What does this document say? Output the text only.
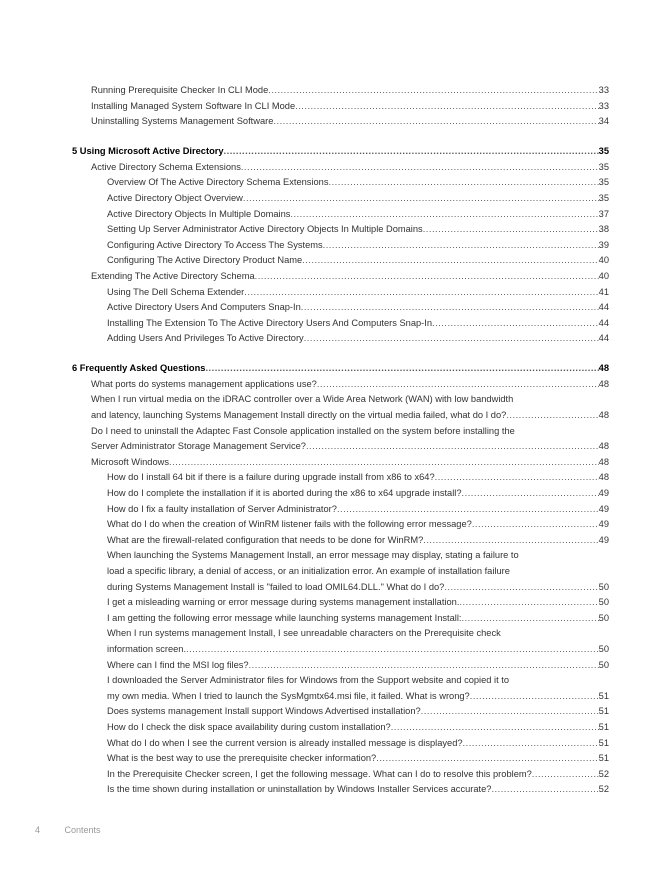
Running Prerequisite Checker In CLI Mode .....	33
Installing Managed System Software In CLI Mode .....	33
Uninstalling Systems Management Software .....	34
5 Using Microsoft Active Directory .....	35
Active Directory Schema Extensions .....	35
Overview Of The Active Directory Schema Extensions .....	35
Active Directory Object Overview .....	35
Active Directory Objects In Multiple Domains .....	37
Setting Up Server Administrator Active Directory Objects In Multiple Domains .....	38
Configuring Active Directory To Access The Systems .....	39
Configuring The Active Directory Product Name .....	40
Extending The Active Directory Schema .....	40
Using The Dell Schema Extender .....	41
Active Directory Users And Computers Snap-In .....	44
Installing The Extension To The Active Directory Users And Computers Snap-In .....	44
Adding Users And Privileges To Active Directory .....	44
6 Frequently Asked Questions .....	48
What ports do systems management applications use? .....	48
When I run virtual media on the iDRAC controller over a Wide Area Network (WAN) with low bandwidth
and latency, launching Systems Management Install directly on the virtual media failed, what do I do? .....	48
Do I need to uninstall the Adaptec Fast Console application installed on the system before installing the
Server Administrator Storage Management Service? .....	48
Microsoft Windows .....	48
How do I install 64 bit if there is a failure during upgrade install from x86 to x64? .....	48
How do I complete the installation if it is aborted during the x86 to x64 upgrade install? .....	49
How do I fix a faulty installation of Server Administrator? .....	49
What do I do when the creation of WinRM listener fails with the following error message? .....	49
What are the firewall-related configuration that needs to be done for WinRM? .....	49
When launching the Systems Management Install, an error message may display, stating a failure to
load a specific library, a denial of access, or an initialization error. An example of installation failure
during Systems Management Install is "failed to load OMIL64.DLL." What do I do? .....	50
I get a misleading warning or error message during systems management installation. .....	50
I am getting the following error message while launching systems management Install: .....	50
When I run systems management Install, I see unreadable characters on the Prerequisite check
information screen. .....	50
Where can I find the MSI log files? .....	50
I downloaded the Server Administrator files for Windows from the Support website and copied it to
my own media. When I tried to launch the SysMgmtx64.msi file, it failed. What is wrong? .....	51
Does systems management Install support Windows Advertised installation? .....	51
How do I check the disk space availability during custom installation? .....	51
What do I do when I see the current version is already installed message is displayed? .....	51
What is the best way to use the prerequisite checker information? .....	51
In the Prerequisite Checker screen, I get the following message. What can I do to resolve this problem? .....	52
Is the time shown during installation or uninstallation by Windows Installer Services accurate? .....	52
4	Contents
